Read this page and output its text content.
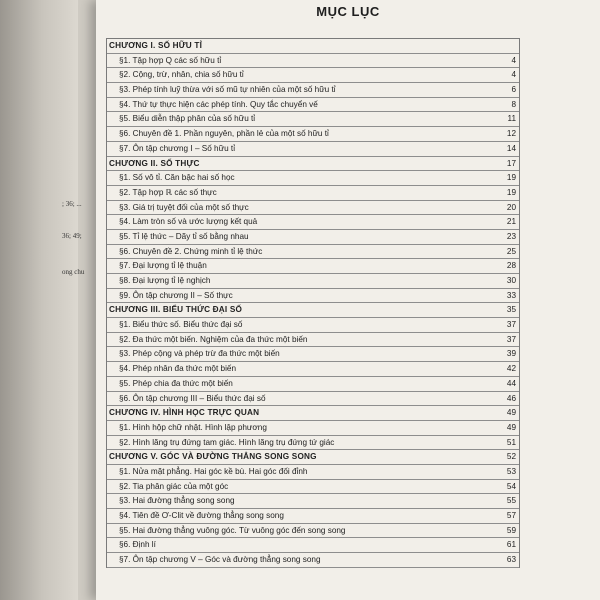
; 36; ...
36; 49;
ong chu
MỤC LỤC
CHƯƠNG I. SỐ HỮU TỈ
§1. Tập hợp Q các số hữu tỉ	4
§2. Cộng, trừ, nhân, chia số hữu tỉ	4
§3. Phép tính luỹ thừa với số mũ tự nhiên của một số hữu tỉ	6
§4. Thứ tự thực hiện các phép tính. Quy tắc chuyển vế	8
§5. Biểu diễn thập phân của số hữu tỉ	11
§6. Chuyên đề 1. Phần nguyên, phần lẻ của một số hữu tỉ	12
§7. Ôn tập chương I – Số hữu tỉ	14
CHƯƠNG II. SỐ THỰC	17
§1. Số vô tỉ. Căn bậc hai số học	19
§2. Tập hợp ℝ các số thực	19
§3. Giá trị tuyệt đối của một số thực	20
§4. Làm tròn số và ước lượng kết quả	21
§5. Tỉ lệ thức – Dãy tỉ số bằng nhau	23
§6. Chuyên đề 2. Chứng minh tỉ lệ thức	25
§7. Đại lượng tỉ lệ thuận	28
§8. Đại lượng tỉ lệ nghịch	30
§9. Ôn tập chương II – Số thực	33
CHƯƠNG III. BIỂU THỨC ĐẠI SỐ	35
§1. Biểu thức số. Biểu thức đại số	37
§2. Đa thức một biến. Nghiệm của đa thức một biến	37
§3. Phép cộng và phép trừ đa thức một biến	39
§4. Phép nhân đa thức một biến	42
§5. Phép chia đa thức một biến	44
§6. Ôn tập chương III – Biểu thức đại số	46
CHƯƠNG IV. HÌNH HỌC TRỰC QUAN	49
§1. Hình hộp chữ nhật. Hình lập phương	49
§2. Hình lăng trụ đứng tam giác. Hình lăng trụ đứng tứ giác	51
CHƯƠNG V. GÓC VÀ ĐƯỜNG THẲNG SONG SONG	52
§1. Nửa mặt phẳng. Hai góc kề bù. Hai góc đối đỉnh	53
§2. Tia phân giác của một góc	54
§3. Hai đường thẳng song song	55
§4. Tiên đề Ơ-Clit về đường thẳng song song	57
§5. Hai đường thẳng vuông góc. Từ vuông góc đến song song	59
§6. Định lí	61
§7. Ôn tập chương V – Góc và đường thẳng song song	63
